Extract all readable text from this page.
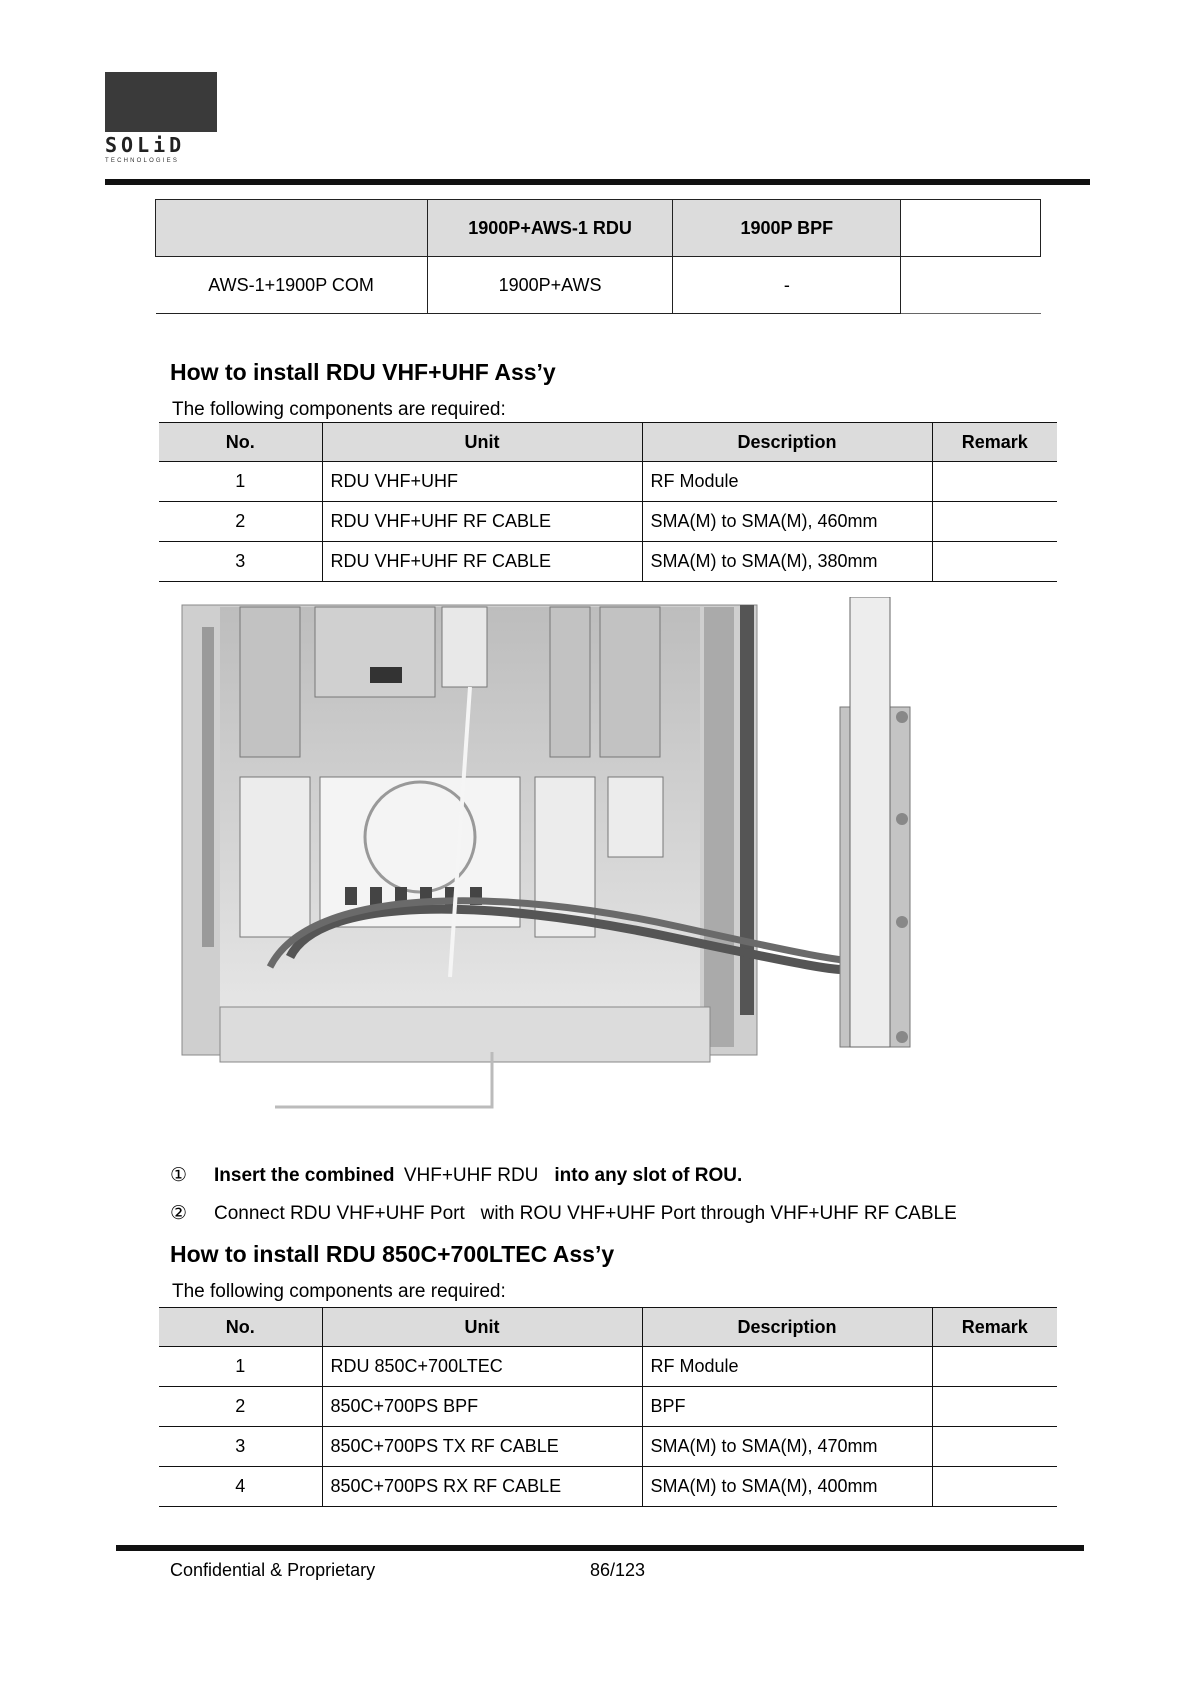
SOLiD
TECHNOLOGIES
	1900P+AWS-1 RDU	1900P BPF	
AWS-1+1900P COM	1900P+AWS	-	
How to install RDU VHF+UHF Ass’y
The following components are required:
No.	Unit	Description	Remark
1	RDU VHF+UHF	RF Module	
2	RDU VHF+UHF RF CABLE	SMA(M) to SMA(M), 460mm	
3	RDU VHF+UHF RF CABLE	SMA(M) to SMA(M), 380mm	
① Insert the combined VHF+UHF RDU into any slot of ROU.
② Connect RDU VHF+UHF Port   with ROU VHF+UHF Port through VHF+UHF RF CABLE
How to install RDU 850C+700LTEC Ass’y
The following components are required:
No.	Unit	Description	Remark
1	RDU 850C+700LTEC	RF Module	
2	850C+700PS BPF	BPF	
3	850C+700PS TX RF CABLE	SMA(M) to SMA(M), 470mm	
4	850C+700PS RX RF CABLE	SMA(M) to SMA(M), 400mm	
Confidential & Proprietary	86/123
